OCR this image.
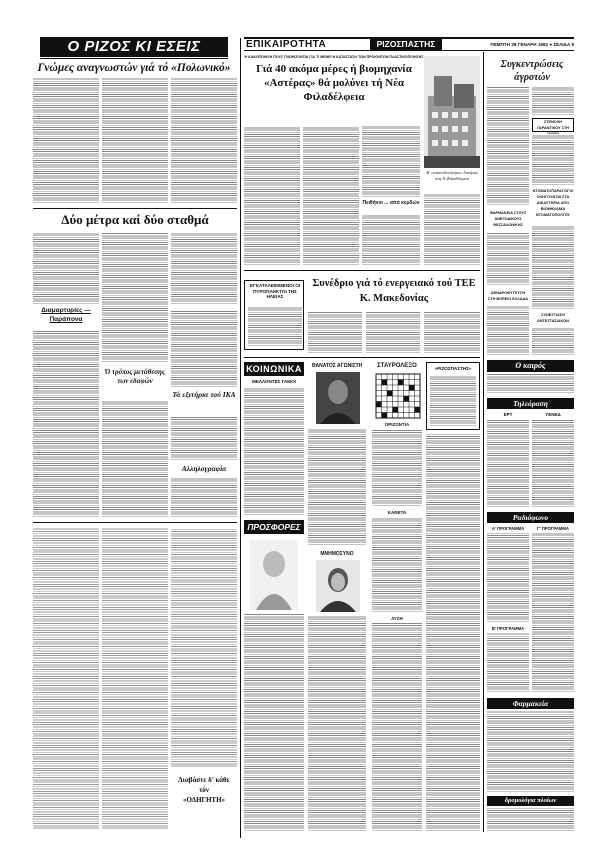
Ο ΡΙΖΟΣ ΚΙ ΕΣΕΙΣ
Γνώμες αναγνωστών γιά τό «Πολωνικό»
Δύο μέτρα καί δύο σταθμά
Διαμαρτυρίες — Παράπονα
Ό τρόπος μετάθεσης των εδαφών
Τά εξιτήρια τού ΙΚΑ
Αλληλογραφία
Διαβάστε δ' κάθε τόν «ΟΔΗΓΗΤΗ»
ΕΠΙΚΑΙΡΟΤΗΤΑ	ΡΙΖΟΣΠΑΣΤΗΣ	ΠΕΜΠΤΗ 28 ΓΕΝΑΡΗ 1982 ● ΣΕΛΙΔΑ 9
Η ΚΑΚΟΠΟΙΗΣΗ ΠΟΥΣ ΓΝΩΡΙΖΟΝΤΑΙ ΓΙΑ ΤΙ ΜΕΝΕΙ Η ΚΑΤΑΣΤΑΣΗ ΤΩΝ ΠΡΟΙΟΝΤΩΝ ΠΛΑΣΤΙΚΟΠΟΙΗΣΗΣ
Γιά 40 ακόμα μέρες ή βιομηχανία «Αστέρας» θά μολύνει τή Νέα Φιλαδέλφεια
Πειθήνιο ... από κερδών
Η «επικινδυνότητα» Αστέρας στη Ν.Φιλαδέλφεια
ΕΓΚΑΤΑΛΕΙΜΜΕΝΟΙ ΟΙ ΠΥΡΟΠΛΗΚΤΟΙ ΤΗΣ ΗΛΕΙΑΣ
Συνέδριο γιά τό ενεργειακό τού ΤΕΕ Κ. Μακεδονίας
ΚΟΙΝΩΝΙΚΑ
ΜΕΛΛΟΝΤΕΣ ΓΑΜΟΙ
ΠΡΟΣΦΟΡΕΣ
ΘΑΝΑΤΟΣ ΑΓΩΝΙΣΤΗ
ΜΝΗΜΟΣΥΝΟ
ΣΤΑΥΡΟΛΕΞΟ
ΟΡΙΖΟΝΤΙΑ
ΚΑΘΕΤΑ
ΛΥΣΗ
«ΡΙΖΟΣΠΑΣΤΗΣ»
Συγκεντρώσεις άγροτών
ΣΤΕΝΟΧΗ ΓΑΡΑΝΤΙΚΟΥ ΣΤΗ
ΝΤΟΜΑΤΟΠΑΡΑΓΩΓΟΙ ΟΛΗΓΟΥΝΤΑΙ ΣΤΑ ΔΙΚΑΣΤΗΡΙΑ ΑΠΟ ΒΙΟΜΗΧΑΝΙΑ ΝΤΟΜΑΤΟΠΟΛΤΟΥ
ΦΑΡΜΑΚΕΙΑ ΣΤΟΥΣ ΑΝΕΞΟΔΙΚΟΥΣ ΘΕΣΣΑΛΟΝΙΚΗΣ
ΔΕΝΔΡΟΦΥΤΕΥΣΗ ΣΤΗ ΒΟΡΕΙΟ ΕΛΛΑΔΑ
ΣΥΝΕΣΤΙΑΣΗ ΑΝΤΕΣΤΑΣΙΑΚΩΝ
Ο καιρός
Τηλεόραση
ΕΡΤ	ΥΕΝΕΔ
Ραδιόφωνο
Α' ΠΡΟΓΡΑΜΜΑ
Β' ΠΡΟΓΡΑΜΜΑ
Γ' ΠΡΟΓΡΑΜΜΑ
Φαρμακεία
δρομολόγια πλοίων
